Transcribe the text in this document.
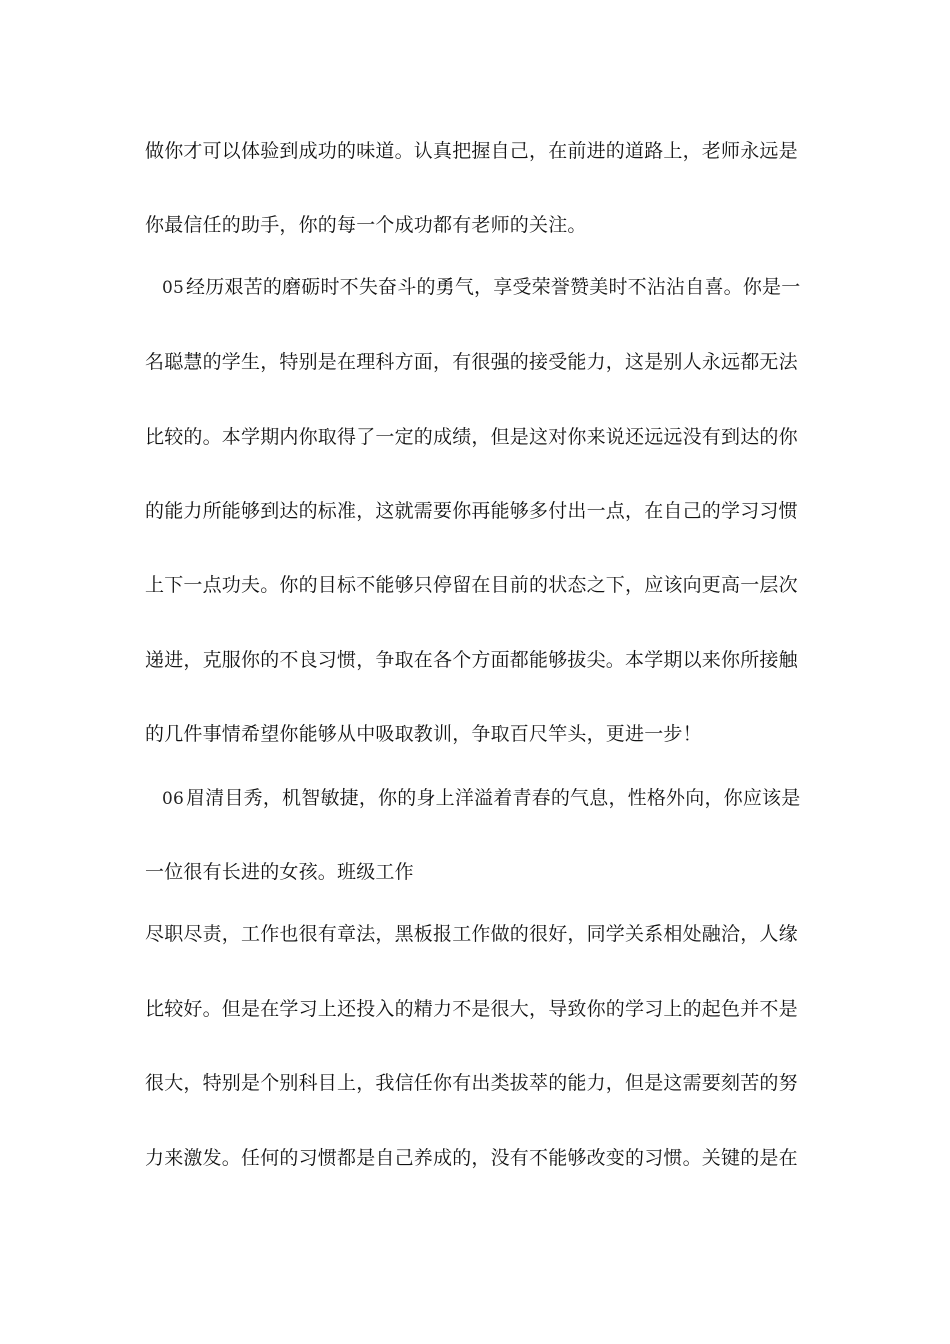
做你才可以体验到成功的味道。认真把握自己，在前进的道路上，老师永远是
你最信任的助手，你的每一个成功都有老师的关注。
05 经历艰苦的磨砺时不失奋斗的勇气，享受荣誉赞美时不沾沾自喜。你是一
名聪慧的学生，特别是在理科方面，有很强的接受能力，这是别人永远都无法
比较的。本学期内你取得了一定的成绩，但是这对你来说还远远没有到达的你
的能力所能够到达的标准，这就需要你再能够多付出一点，在自己的学习习惯
上下一点功夫。你的目标不能够只停留在目前的状态之下，应该向更高一层次
递进，克服你的不良习惯，争取在各个方面都能够拔尖。本学期以来你所接触
的几件事情希望你能够从中吸取教训，争取百尺竿头，更进一步！
06 眉清目秀，机智敏捷，你的身上洋溢着青春的气息，性格外向，你应该是
一位很有长进的女孩。班级工作
尽职尽责，工作也很有章法，黑板报工作做的很好，同学关系相处融洽，人缘
比较好。但是在学习上还投入的精力不是很大，导致你的学习上的起色并不是
很大，特别是个别科目上，我信任你有出类拔萃的能力，但是这需要刻苦的努
力来激发。任何的习惯都是自己养成的，没有不能够改变的习惯。关键的是在
